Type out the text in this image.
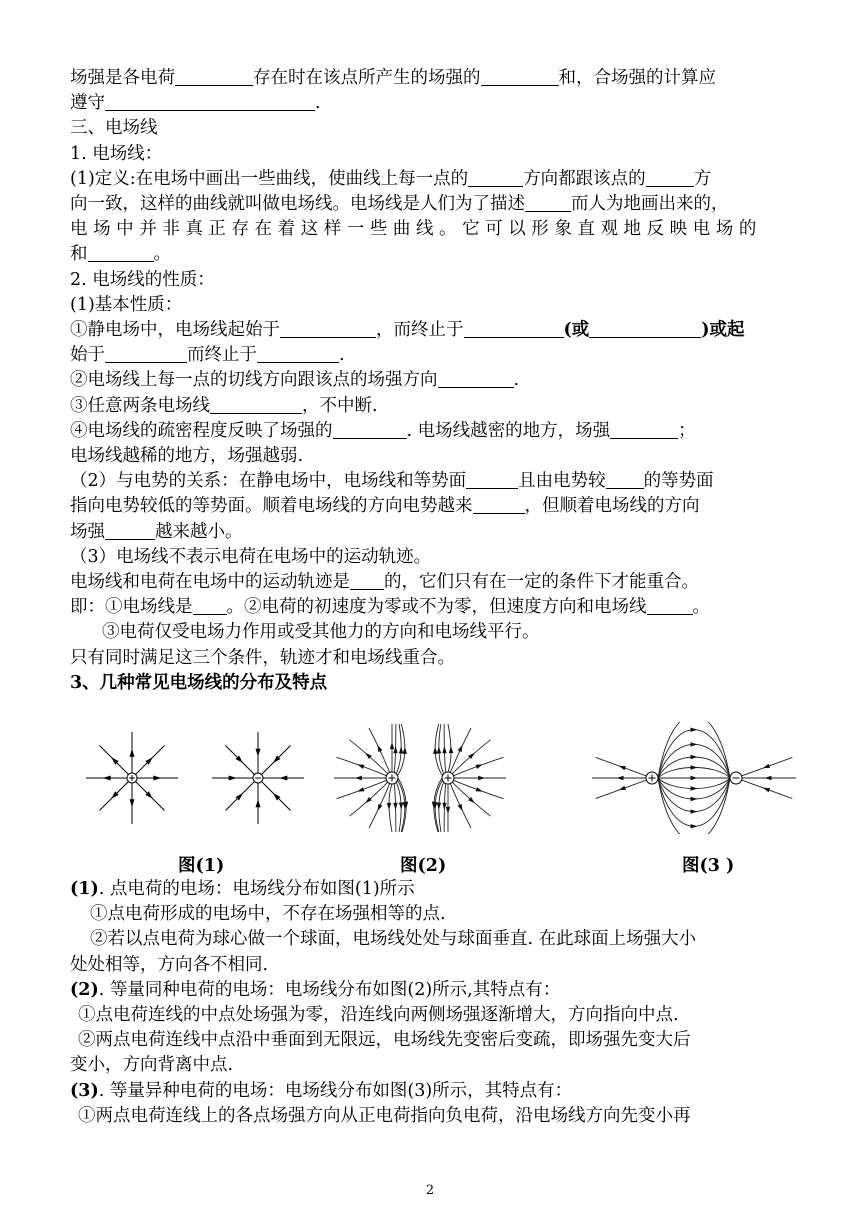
场强是各电荷	存在时在该点所产生的场强的	和，合场强的计算应

遵守	.

三、电场线

1. 电场线：

(1)定义:在电场中画出一些曲线，使曲线上每一点的	方向都跟该点的	方

向一致，这样的曲线就叫做电场线。电场线是人们为了描述	而人为地画出来的，

电 场 中 并 非 真 正 存 在 着 这 样 一 些 曲 线 。 它 可 以 形 象 直 观 地 反 映 电 场 的

和	。

2. 电场线的性质：

(1)基本性质：

①静电场中，电场线起始于	，而终止于	(或	)或起

始于	而终止于	.

②电场线上每一点的切线方向跟该点的场强方向	.

③任意两条电场线	，不中断.

④电场线的疏密程度反映了场强的	. 电场线越密的地方，场强	；

电场线越稀的地方，场强越弱.

（2）与电势的关系：在静电场中，电场线和等势面	且由电势较 的等势面

指向电势较低的等势面。顺着电场线的方向电势越来	，但顺着电场线的方向

场强	越来越小。

（3）电场线不表示电荷在电场中的运动轨迹。

电场线和电荷在电场中的运动轨迹是 的，它们只有在一定的条件下才能重合。

即：①电场线是 。②电荷的初速度为零或不为零，但速度方向和电场线	。

③电荷仅受电场力作用或受其他力的方向和电场线平行。

只有同时满足这三个条件，轨迹才和电场线重合。

3、几种常见电场线的分布及特点

图(1)	图(2)	图(3 )

(1). 点电荷的电场：电场线分布如图(1)所示

①点电荷形成的电场中，不存在场强相等的点.

②若以点电荷为球心做一个球面，电场线处处与球面垂直. 在此球面上场强大小

处处相等，方向各不相同.

(2). 等量同种电荷的电场：电场线分布如图(2)所示,其特点有：

①点电荷连线的中点处场强为零，沿连线向两侧场强逐渐增大，方向指向中点.

②两点电荷连线中点沿中垂面到无限远，电场线先变密后变疏，即场强先变大后

变小，方向背离中点.

(3). 等量异种电荷的电场：电场线分布如图(3)所示，其特点有：

①两点电荷连线上的各点场强方向从正电荷指向负电荷，沿电场线方向先变小再

2
